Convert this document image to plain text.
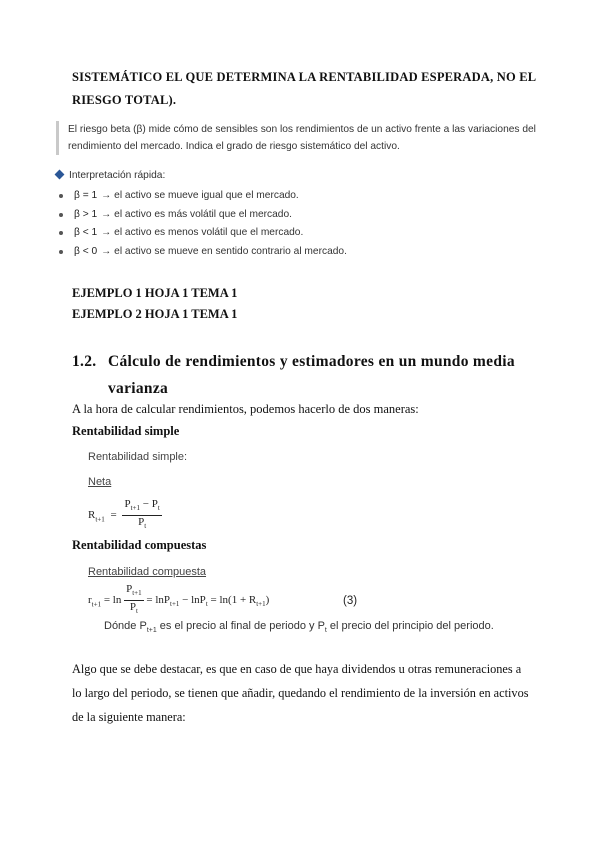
SISTEMÁTICO EL QUE DETERMINA LA RENTABILIDAD ESPERADA, NO EL RIESGO TOTAL).
El riesgo beta (β) mide cómo de sensibles son los rendimientos de un activo frente a las variaciones del rendimiento del mercado. Indica el grado de riesgo sistemático del activo.
Interpretación rápida:
β = 1 → el activo se mueve igual que el mercado.
β > 1 → el activo es más volátil que el mercado.
β < 1 → el activo es menos volátil que el mercado.
β < 0 → el activo se mueve en sentido contrario al mercado.
EJEMPLO 1 HOJA 1 TEMA 1
EJEMPLO 2 HOJA 1 TEMA 1
1.2. Cálculo de rendimientos y estimadores en un mundo media
varianza
A la hora de calcular rendimientos, podemos hacerlo de dos maneras:
Rentabilidad simple
Rentabilidad simple:
Neta
$R_{t+1} = \frac{P_{t+1} - P_t}{P_t}$
Rentabilidad compuestas
Rentabilidad compuesta
$r_{t+1} = \ln \frac{P_{t+1}}{P_t} = \ln P_{t+1} - \ln P_t = \ln(1 + R_{t+1})$	(3)
Dónde $P_{t+1}$ es el precio al final de periodo y $P_t$ el precio del principio del periodo.
Algo que se debe destacar, es que en caso de que haya dividendos u otras remuneraciones a lo largo del periodo, se tienen que añadir, quedando el rendimiento de la inversión en activos de la siguiente manera:
